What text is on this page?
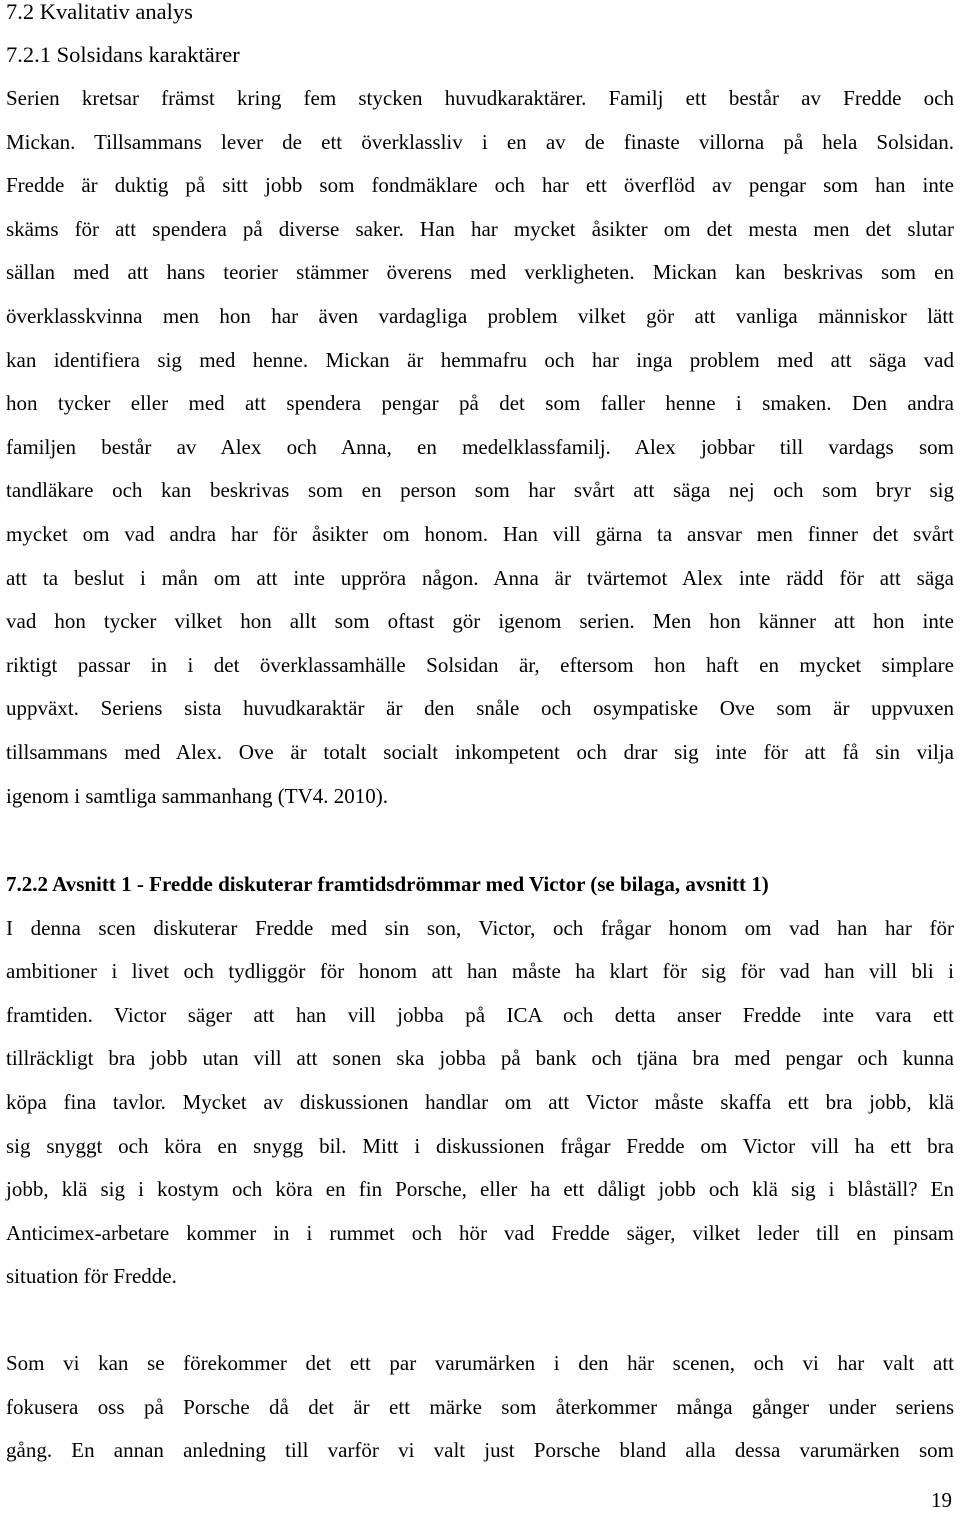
7.2 Kvalitativ analys
7.2.1 Solsidans karaktärer
Serien kretsar främst kring fem stycken huvudkaraktärer. Familj ett består av Fredde och
Mickan. Tillsammans lever de ett överklassliv i en av de finaste villorna på hela Solsidan.
Fredde är duktig på sitt jobb som fondmäklare och har ett överflöd av pengar som han inte
skäms för att spendera på diverse saker. Han har mycket åsikter om det mesta men det slutar
sällan med att hans teorier stämmer överens med verkligheten. Mickan kan beskrivas som en
överklasskvinna men hon har även vardagliga problem vilket gör att vanliga människor lätt
kan identifiera sig med henne. Mickan är hemmafru och har inga problem med att säga vad
hon tycker eller med att spendera pengar på det som faller henne i smaken. Den andra
familjen består av Alex och Anna, en medelklassfamilj. Alex jobbar till vardags som
tandläkare och kan beskrivas som en person som har svårt att säga nej och som bryr sig
mycket om vad andra har för åsikter om honom. Han vill gärna ta ansvar men finner det svårt
att ta beslut i mån om att inte uppröra någon. Anna är tvärtemot Alex inte rädd för att säga
vad hon tycker vilket hon allt som oftast gör igenom serien. Men hon känner att hon inte
riktigt passar in i det överklassamhälle Solsidan är, eftersom hon haft en mycket simplare
uppväxt. Seriens sista huvudkaraktär är den snåle och osympatiske Ove som är uppvuxen
tillsammans med Alex. Ove är totalt socialt inkompetent och drar sig inte för att få sin vilja
igenom i samtliga sammanhang (TV4. 2010).
7.2.2 Avsnitt 1 - Fredde diskuterar framtidsdrömmar med Victor (se bilaga, avsnitt 1)
I denna scen diskuterar Fredde med sin son, Victor, och frågar honom om vad han har för
ambitioner i livet och tydliggör för honom att han måste ha klart för sig för vad han vill bli i
framtiden. Victor säger att han vill jobba på ICA och detta anser Fredde inte vara ett
tillräckligt bra jobb utan vill att sonen ska jobba på bank och tjäna bra med pengar och kunna
köpa fina tavlor. Mycket av diskussionen handlar om att Victor måste skaffa ett bra jobb, klä
sig snyggt och köra en snygg bil. Mitt i diskussionen frågar Fredde om Victor vill ha ett bra
jobb, klä sig i kostym och köra en fin Porsche, eller ha ett dåligt jobb och klä sig i blåställ? En
Anticimex-arbetare kommer in i rummet och hör vad Fredde säger, vilket leder till en pinsam
situation för Fredde.
Som vi kan se förekommer det ett par varumärken i den här scenen, och vi har valt att
fokusera oss på Porsche då det är ett märke som återkommer många gånger under seriens
gång. En annan anledning till varför vi valt just Porsche bland alla dessa varumärken som
19
